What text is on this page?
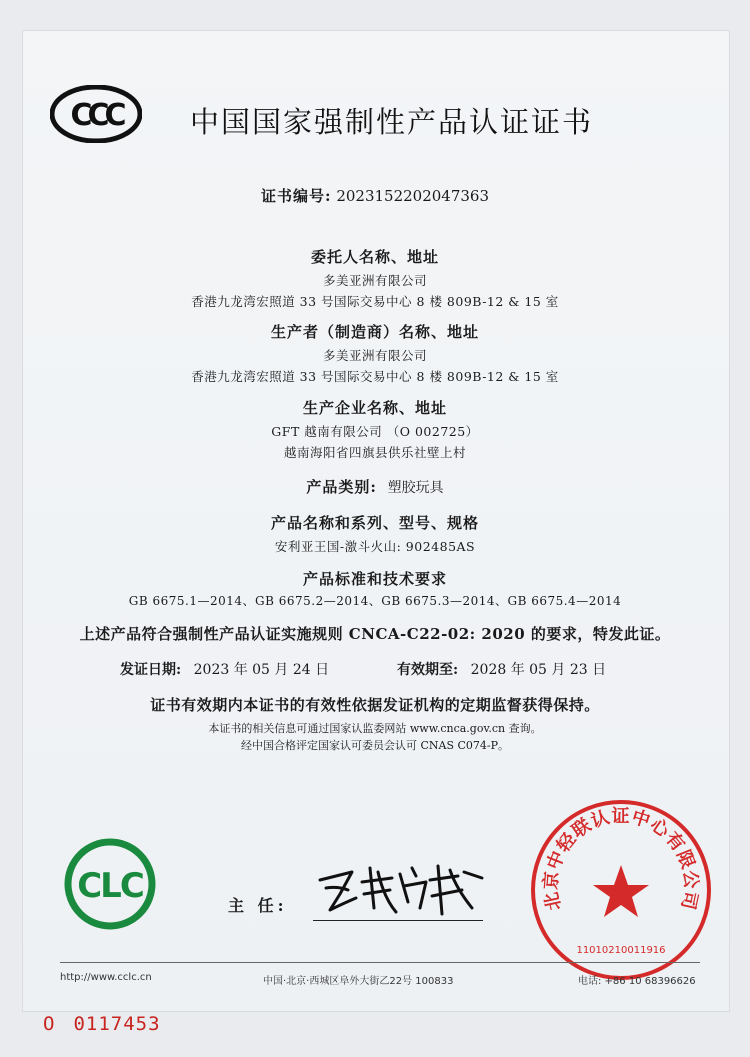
CCC 中国国家强制性产品认证证书
证书编号: 2023152202047363
委托人名称、地址
多美亚洲有限公司
香港九龙湾宏照道 33 号国际交易中心 8 楼 809B-12 & 15 室
生产者（制造商）名称、地址
多美亚洲有限公司
香港九龙湾宏照道 33 号国际交易中心 8 楼 809B-12 & 15 室
生产企业名称、地址
GFT 越南有限公司 （O 002725）
越南海阳省四旗县供乐社壁上村
产品类别: 塑胶玩具
产品名称和系列、型号、规格
安利亚王国-激斗火山: 902485AS
产品标准和技术要求
GB 6675.1—2014、GB 6675.2—2014、GB 6675.3—2014、GB 6675.4—2014
上述产品符合强制性产品认证实施规则 CNCA-C22-02: 2020 的要求，特发此证。
发证日期: 2023 年 05 月 24 日	有效期至: 2028 年 05 月 23 日
证书有效期内本证书的有效性依据发证机构的定期监督获得保持。
本证书的相关信息可通过国家认监委网站 www.cnca.gov.cn 查询。
经中国合格评定国家认可委员会认可 CNAS C074-P。
CLC	主 任:	北京中轻联认证中心有限公司
1101021001191​6
http://www.cclc.cn	中国·北京·西城区阜外大街乙22号 100833	电话: +86 10 68396626
O 0117453
